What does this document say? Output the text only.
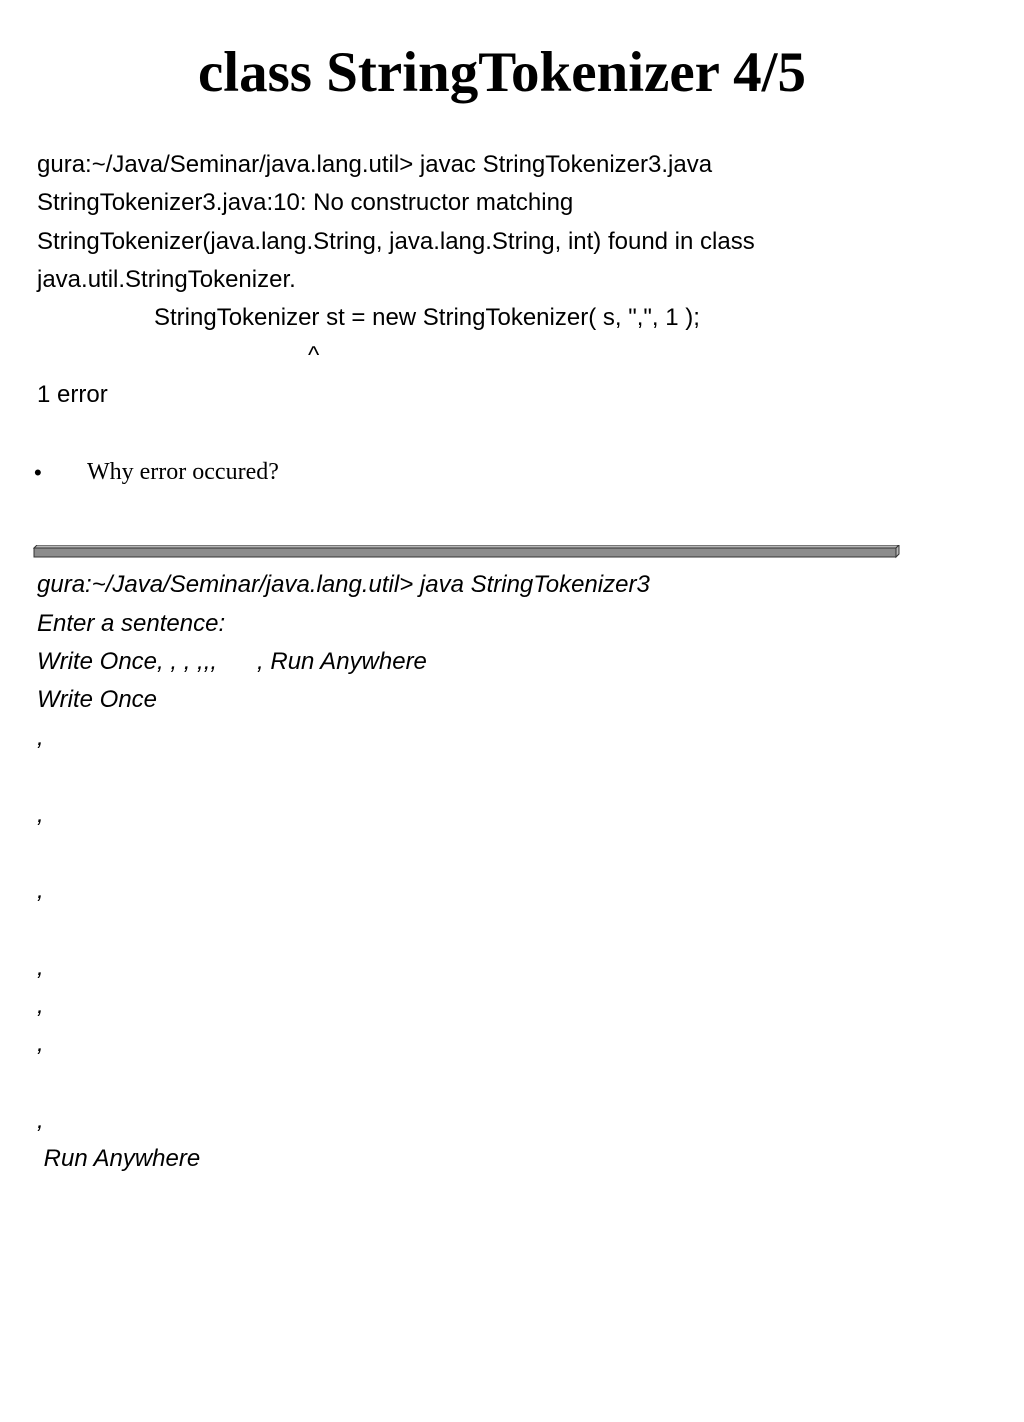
class StringTokenizer 4/5
gura:~/Java/Seminar/java.lang.util> javac StringTokenizer3.java
StringTokenizer3.java:10: No constructor matching
StringTokenizer(java.lang.String, java.lang.String, int) found in class
java.util.StringTokenizer.
StringTokenizer st = new StringTokenizer( s, ",", 1 );
^
1 error
• Why error occured?
gura:~/Java/Seminar/java.lang.util> java StringTokenizer3
Enter a sentence:
Write Once, , , ,,,      , Run Anywhere
Write Once
,
,
,
,
,
,
,
Run Anywhere
